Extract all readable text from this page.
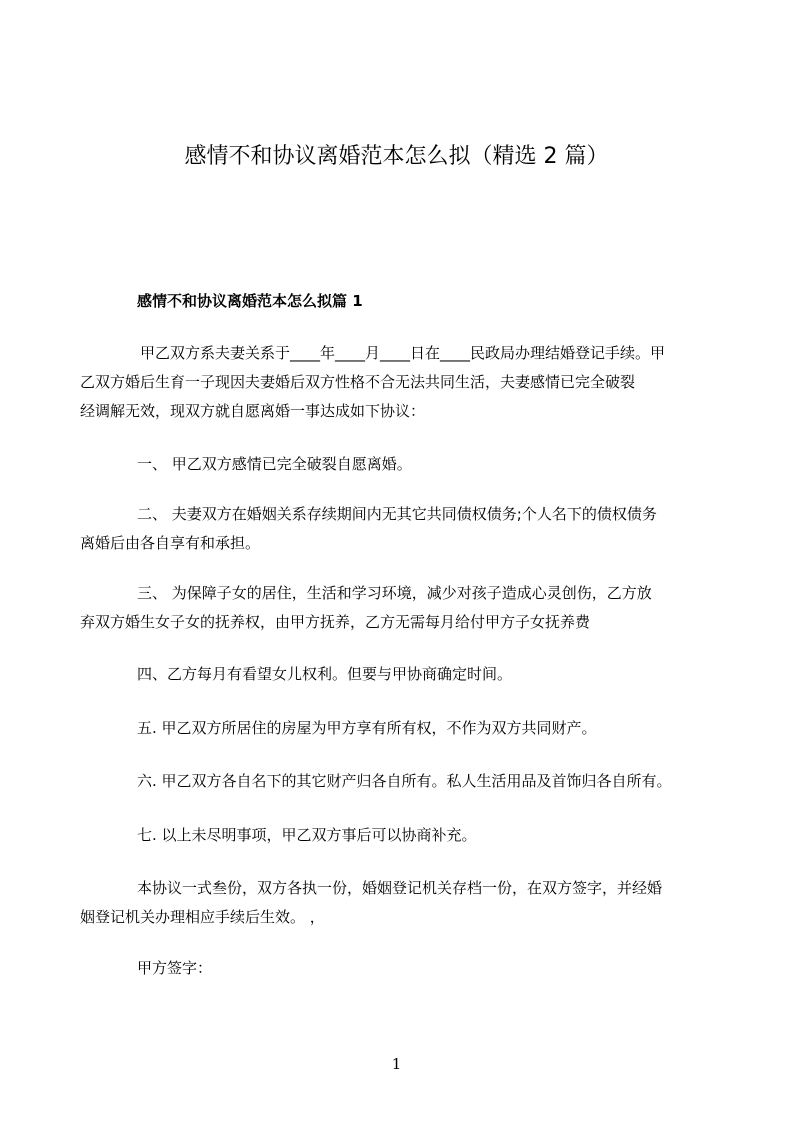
感情不和协议离婚范本怎么拟（精选 2 篇）
感情不和协议离婚范本怎么拟篇 1
甲乙双方系夫妻关系于____年____月____日在____民政局办理结婚登记手续。甲
乙双方婚后生育一子现因夫妻婚后双方性格不合无法共同生活，夫妻感情已完全破裂
经调解无效，现双方就自愿离婚一事达成如下协议：
一、 甲乙双方感情已完全破裂自愿离婚。
二、 夫妻双方在婚姻关系存续期间内无其它共同债权债务;个人名下的债权债务
离婚后由各自享有和承担。
三、 为保障子女的居住，生活和学习环境，减少对孩子造成心灵创伤，乙方放
弃双方婚生女子女的抚养权，由甲方抚养，乙方无需每月给付甲方子女抚养费
四、乙方每月有看望女儿权利。但要与甲协商确定时间。
五. 甲乙双方所居住的房屋为甲方享有所有权，不作为双方共同财产。
六. 甲乙双方各自名下的其它财产归各自所有。私人生活用品及首饰归各自所有。
七. 以上未尽明事项，甲乙双方事后可以协商补充。
本协议一式叁份，双方各执一份，婚姻登记机关存档一份，在双方签字，并经婚
姻登记机关办理相应手续后生效。 ，
甲方签字：
1
